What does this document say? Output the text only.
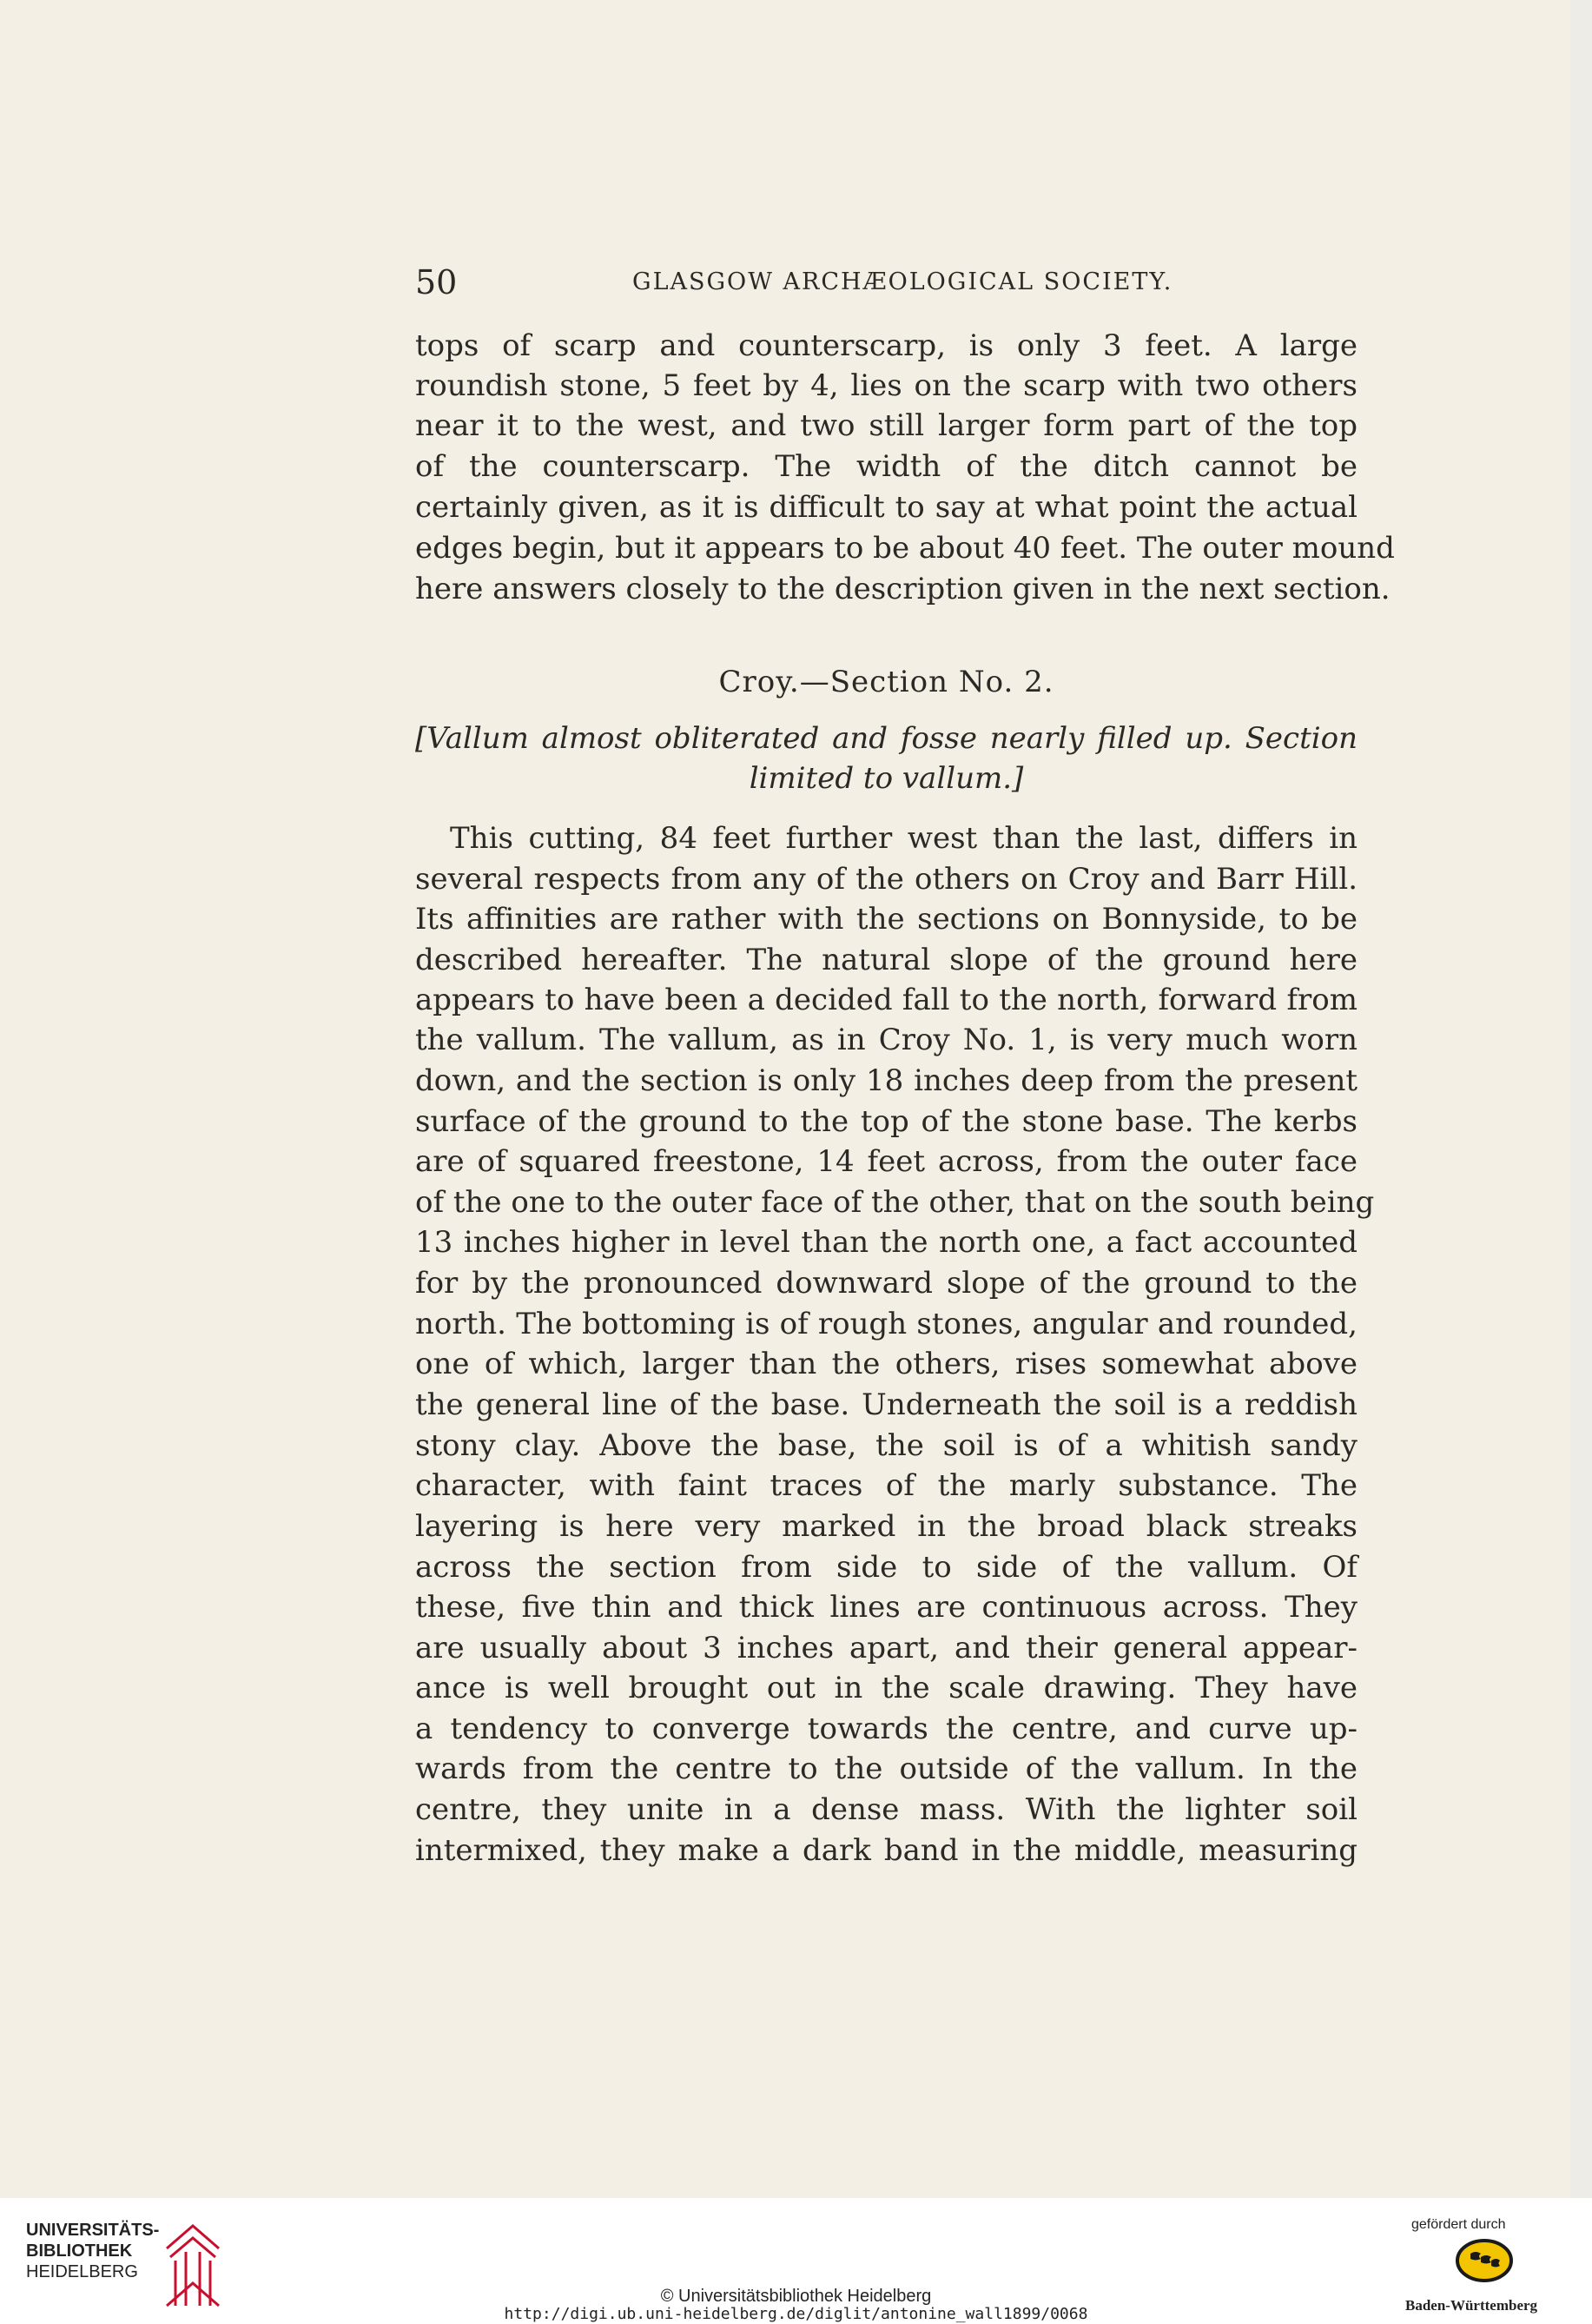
50	GLASGOW ARCHÆOLOGICAL SOCIETY.
tops of scarp and counterscarp, is only 3 feet. A large
roundish stone, 5 feet by 4, lies on the scarp with two others
near it to the west, and two still larger form part of the top
of the counterscarp. The width of the ditch cannot be
certainly given, as it is difficult to say at what point the actual
edges begin, but it appears to be about 40 feet. The outer mound
here answers closely to the description given in the next section.
Croy.—Section No. 2.
[Vallum almost obliterated and fosse nearly filled up. Section
limited to vallum.]
This cutting, 84 feet further west than the last, differs in
several respects from any of the others on Croy and Barr Hill.
Its affinities are rather with the sections on Bonnyside, to be
described hereafter. The natural slope of the ground here
appears to have been a decided fall to the north, forward from
the vallum. The vallum, as in Croy No. 1, is very much worn
down, and the section is only 18 inches deep from the present
surface of the ground to the top of the stone base. The kerbs
are of squared freestone, 14 feet across, from the outer face
of the one to the outer face of the other, that on the south being
13 inches higher in level than the north one, a fact accounted
for by the pronounced downward slope of the ground to the
north. The bottoming is of rough stones, angular and rounded,
one of which, larger than the others, rises somewhat above
the general line of the base. Underneath the soil is a reddish
stony clay. Above the base, the soil is of a whitish sandy
character, with faint traces of the marly substance. The
layering is here very marked in the broad black streaks
across the section from side to side of the vallum. Of
these, five thin and thick lines are continuous across. They
are usually about 3 inches apart, and their general appear-
ance is well brought out in the scale drawing. They have
a tendency to converge towards the centre, and curve up-
wards from the centre to the outside of the vallum. In the
centre, they unite in a dense mass. With the lighter soil
intermixed, they make a dark band in the middle, measuring
UNIVERSITÄTS-
BIBLIOTHEK
HEIDELBERG
© Universitätsbibliothek Heidelberg
http://digi.ub.uni-heidelberg.de/diglit/antonine_wall1899/0068
gefördert durch
Baden-Württemberg
